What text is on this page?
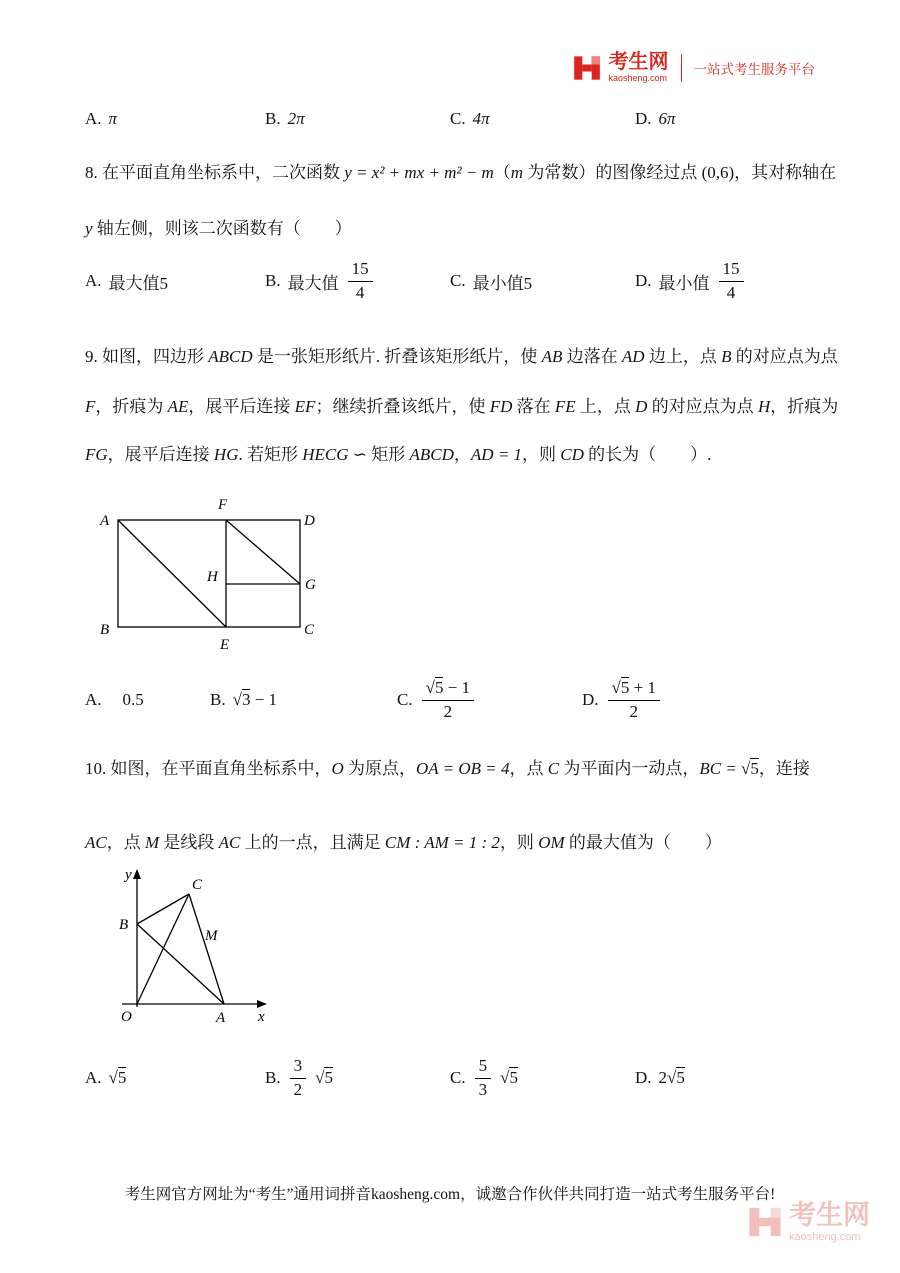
考生网
kaosheng.com
一站式考生服务平台
A. π	B. 2π	C. 4π	D. 6π
8. 在平面直角坐标系中，二次函数 y = x² + mx + m² − m（m 为常数）的图像经过点 (0,6)，其对称轴在
y 轴左侧，则该二次函数有（　　）
A. 最大值5	B. 最大值 $\frac{15}{4}$	C. 最小值5	D. 最小值 $\frac{15}{4}$
9. 如图，四边形 ABCD 是一张矩形纸片. 折叠该矩形纸片，使 AB 边落在 AD 边上，点 B 的对应点为点
F，折痕为 AE，展平后连接 EF；继续折叠该纸片，使 FD 落在 FE 上，点 D 的对应点为点 H，折痕为
FG，展平后连接 HG. 若矩形 HECG ∽ 矩形 ABCD，AD = 1，则 CD 的长为（　　）.
A
F
D
B
E
C
H	G
A. 0.5	B. √3 − 1	C. $\frac{√5 - 1}{2}$	D. $\frac{√5 + 1}{2}$
10. 如图，在平面直角坐标系中，O 为原点，OA = OB = 4，点 C 为平面内一动点，BC = √5，连接
AC，点 M 是线段 AC 上的一点，且满足 CM : AM = 1 : 2，则 OM 的最大值为（　　）
y
x
O	A
B
C
M
A. √5	B. $\frac{3}{2} √5$	C. $\frac{5}{3} √5$	D. 2√5
考生网官方网址为“考生”通用词拼音kaosheng.com，诚邀合作伙伴共同打造一站式考生服务平台!
考生网
kaosheng.com
